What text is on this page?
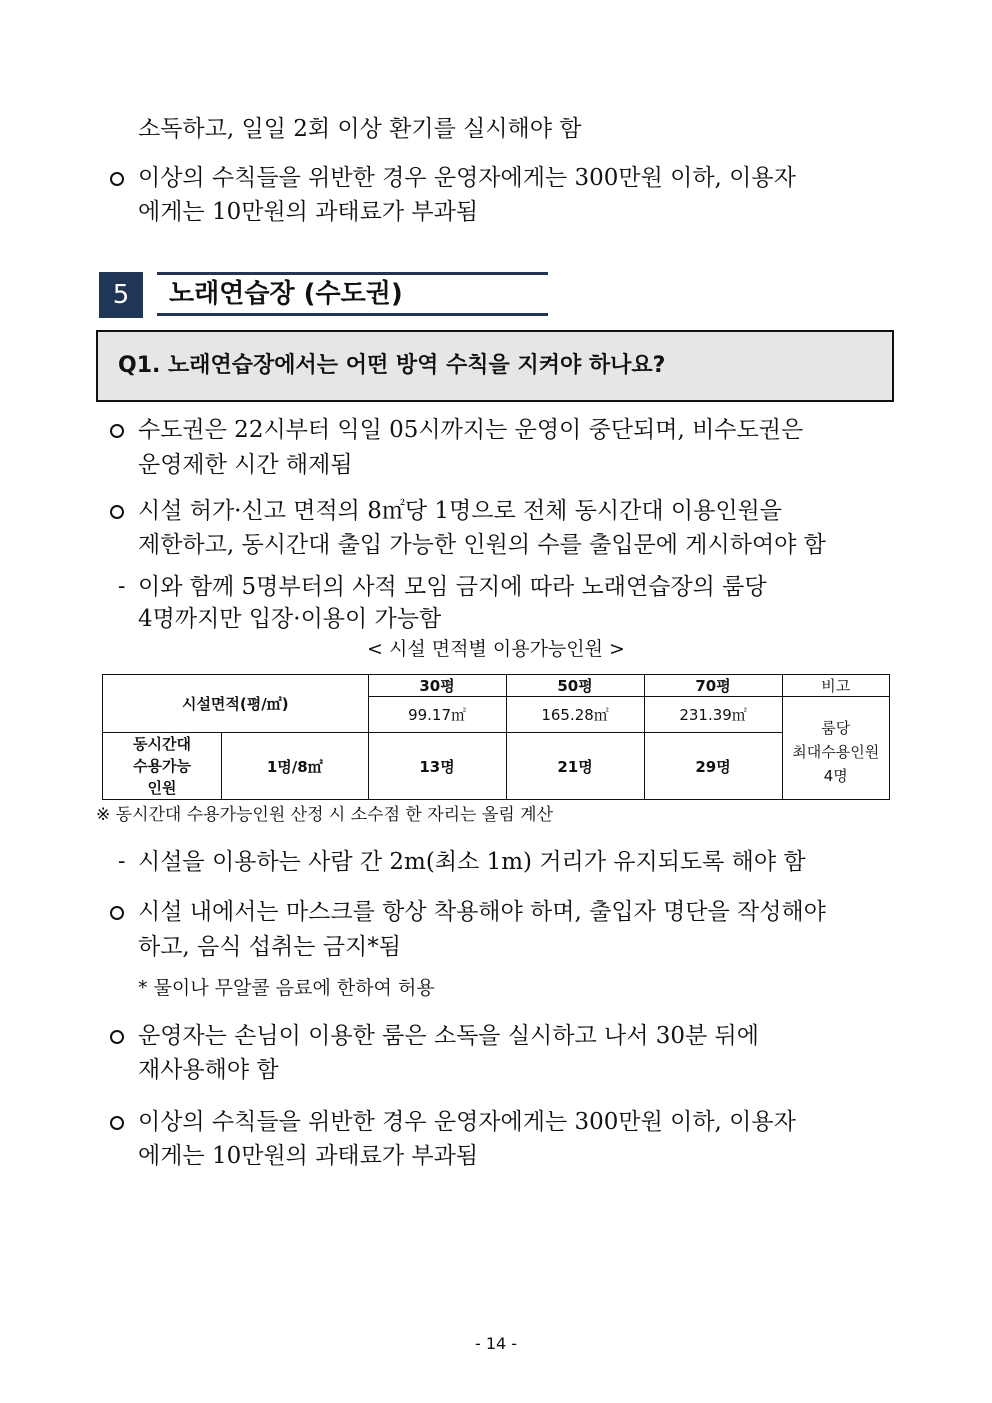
소독하고, 일일 2회 이상 환기를 실시해야 함
이상의 수칙들을 위반한 경우 운영자에게는 300만원 이하, 이용자
에게는 10만원의 과태료가 부과됨
5	노래연습장 (수도권)
Q1. 노래연습장에서는 어떤 방역 수칙을 지켜야 하나요?
수도권은 22시부터 익일 05시까지는 운영이 중단되며, 비수도권은
운영제한 시간 해제됨
시설 허가·신고 면적의 8㎡당 1명으로 전체 동시간대 이용인원을
제한하고, 동시간대 출입 가능한 인원의 수를 출입문에 게시하여야 함
- 이와 함께 5명부터의 사적 모임 금지에 따라 노래연습장의 룸당
4명까지만 입장·이용이 가능함
< 시설 면적별 이용가능인원 >
시설면적(평/㎡)		30평	50평	70평	비고
		99.17㎡	165.28㎡	231.39㎡	룸당
최대수용인원
4명

동시간대
수용가능
인원	1명/8㎡	13명	21명	29명	
※ 동시간대 수용가능인원 산정 시 소수점 한 자리는 올림 계산
- 시설을 이용하는 사람 간 2m(최소 1m) 거리가 유지되도록 해야 함
시설 내에서는 마스크를 항상 착용해야 하며, 출입자 명단을 작성해야
하고, 음식 섭취는 금지*됨
* 물이나 무알콜 음료에 한하여 허용
운영자는 손님이 이용한 룸은 소독을 실시하고 나서 30분 뒤에
재사용해야 함
이상의 수칙들을 위반한 경우 운영자에게는 300만원 이하, 이용자
에게는 10만원의 과태료가 부과됨
- 14 -
